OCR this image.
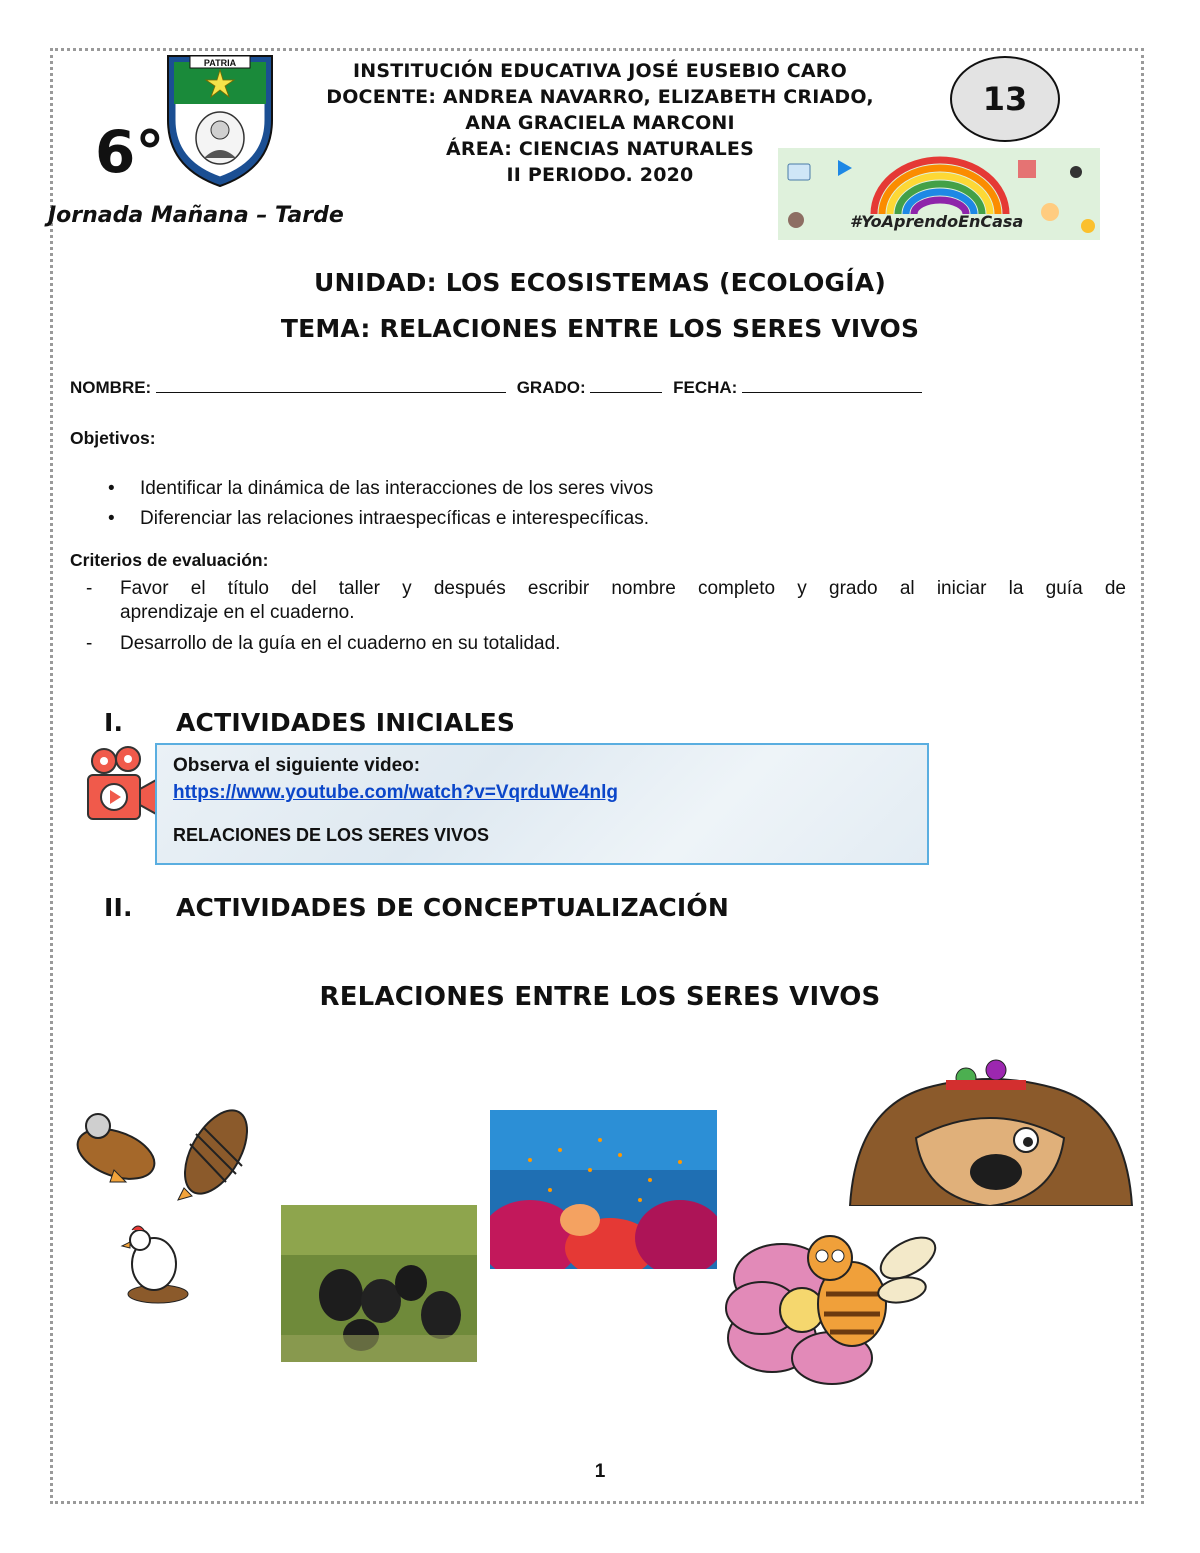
6°
PATRIA
Jornada Mañana – Tarde
INSTITUCIÓN EDUCATIVA JOSÉ EUSEBIO CARO
DOCENTE: ANDREA NAVARRO, ELIZABETH CRIADO,
ANA GRACIELA MARCONI
ÁREA: CIENCIAS NATURALES
II PERIODO. 2020
13
#YoAprendoEnCasa
UNIDAD: LOS ECOSISTEMAS (ECOLOGÍA)
TEMA: RELACIONES ENTRE LOS SERES VIVOS
NOMBRE:	GRADO:	FECHA:
Objetivos:
• Identificar la dinámica de las interacciones de los seres vivos
• Diferenciar las relaciones intraespecíficas e interespecíficas.
Criterios de evaluación:
- Favor el título del taller y después escribir nombre completo y grado al iniciar la guía de
aprendizaje en el cuaderno.
- Desarrollo de la guía en el cuaderno en su totalidad.
I. ACTIVIDADES INICIALES
Observa el siguiente video:
https://www.youtube.com/watch?v=VqrduWe4nlg
RELACIONES DE LOS SERES VIVOS
II. ACTIVIDADES DE CONCEPTUALIZACIÓN
RELACIONES ENTRE LOS SERES VIVOS
1
